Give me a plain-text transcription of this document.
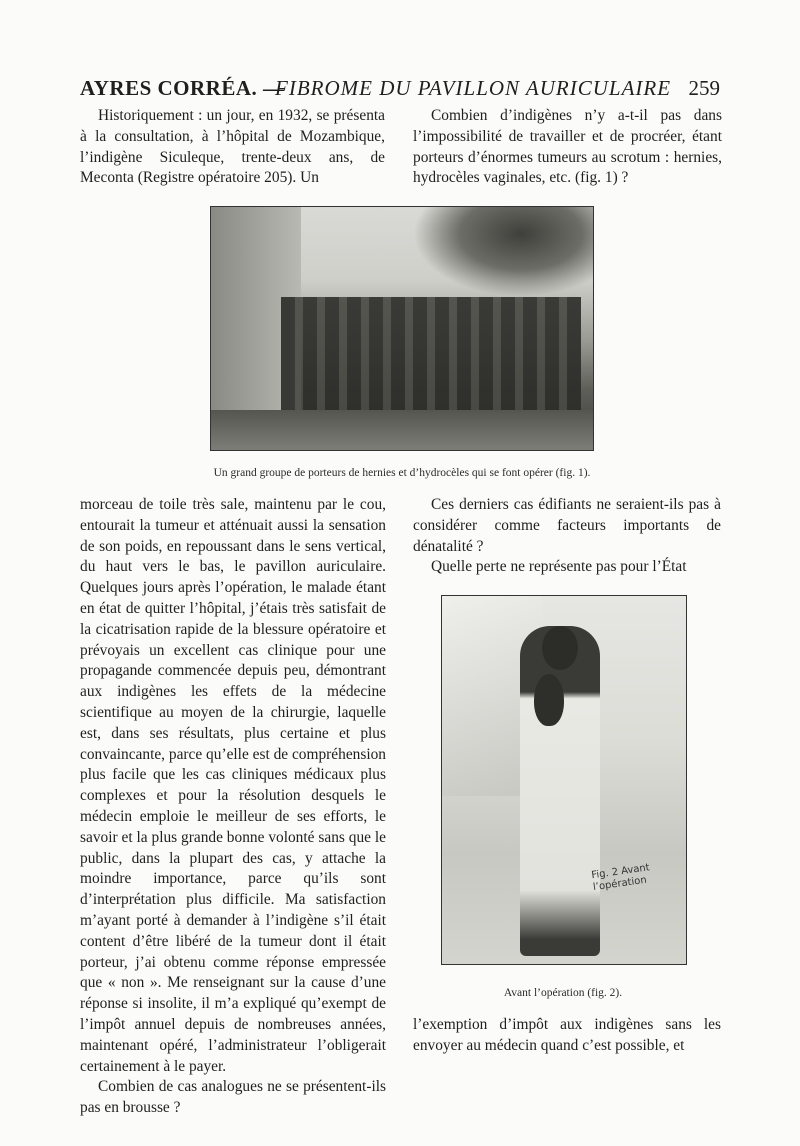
AYRES CORRÉA. —
FIBROME DU PAVILLON AURICULAIRE 259

Historiquement : un jour, en 1932, se présenta à la consultation, à l’hôpital de Mozambique, l’indigène Siculeque, trente-deux ans, de Meconta (Registre opératoire 205). Un

Combien d’indigènes n’y a-t-il pas dans l’impossibilité de travailler et de procréer, étant porteurs d’énormes tumeurs au scrotum : hernies, hydrocèles vaginales, etc. (fig. 1) ?

Un grand groupe de porteurs de hernies et d’hydrocèles qui se font opérer (fig. 1).

morceau de toile très sale, maintenu par le cou, entourait la tumeur et atténuait aussi la sensation de son poids, en repoussant dans le sens vertical, du haut vers le bas, le pavillon auriculaire. Quelques jours après l’opération, le malade étant en état de quitter l’hôpital, j’étais très satisfait de la cicatrisation rapide de la blessure opératoire et prévoyais un excellent cas clinique pour une propagande commencée depuis peu, démontrant aux indigènes les effets de la médecine scientifique au moyen de la chirurgie, laquelle est, dans ses résultats, plus certaine et plus convaincante, parce qu’elle est de compréhension plus facile que les cas cliniques médicaux plus complexes et pour la résolution desquels le médecin emploie le meilleur de ses efforts, le savoir et la plus grande bonne volonté sans que le public, dans la plupart des cas, y attache la moindre importance, parce qu’ils sont d’interprétation plus difficile. Ma satisfaction m’ayant porté à demander à l’indigène s’il était content d’être libéré de la tumeur dont il était porteur, j’ai obtenu comme réponse empressée que « non ». Me renseignant sur la cause d’une réponse si insolite, il m’a expliqué qu’exempt de l’impôt annuel depuis de nombreuses années, maintenant opéré, l’administrateur l’obligerait certainement à le payer.

Combien de cas analogues ne se présentent-ils pas en brousse ?

Ces derniers cas édifiants ne seraient-ils pas à considérer comme facteurs importants de dénatalité ?

Quelle perte ne représente pas pour l’État

Fig. 2 Avant l’opération
Avant l’opération (fig. 2).

l’exemption d’impôt aux indigènes sans les envoyer au médecin quand c’est possible, et
